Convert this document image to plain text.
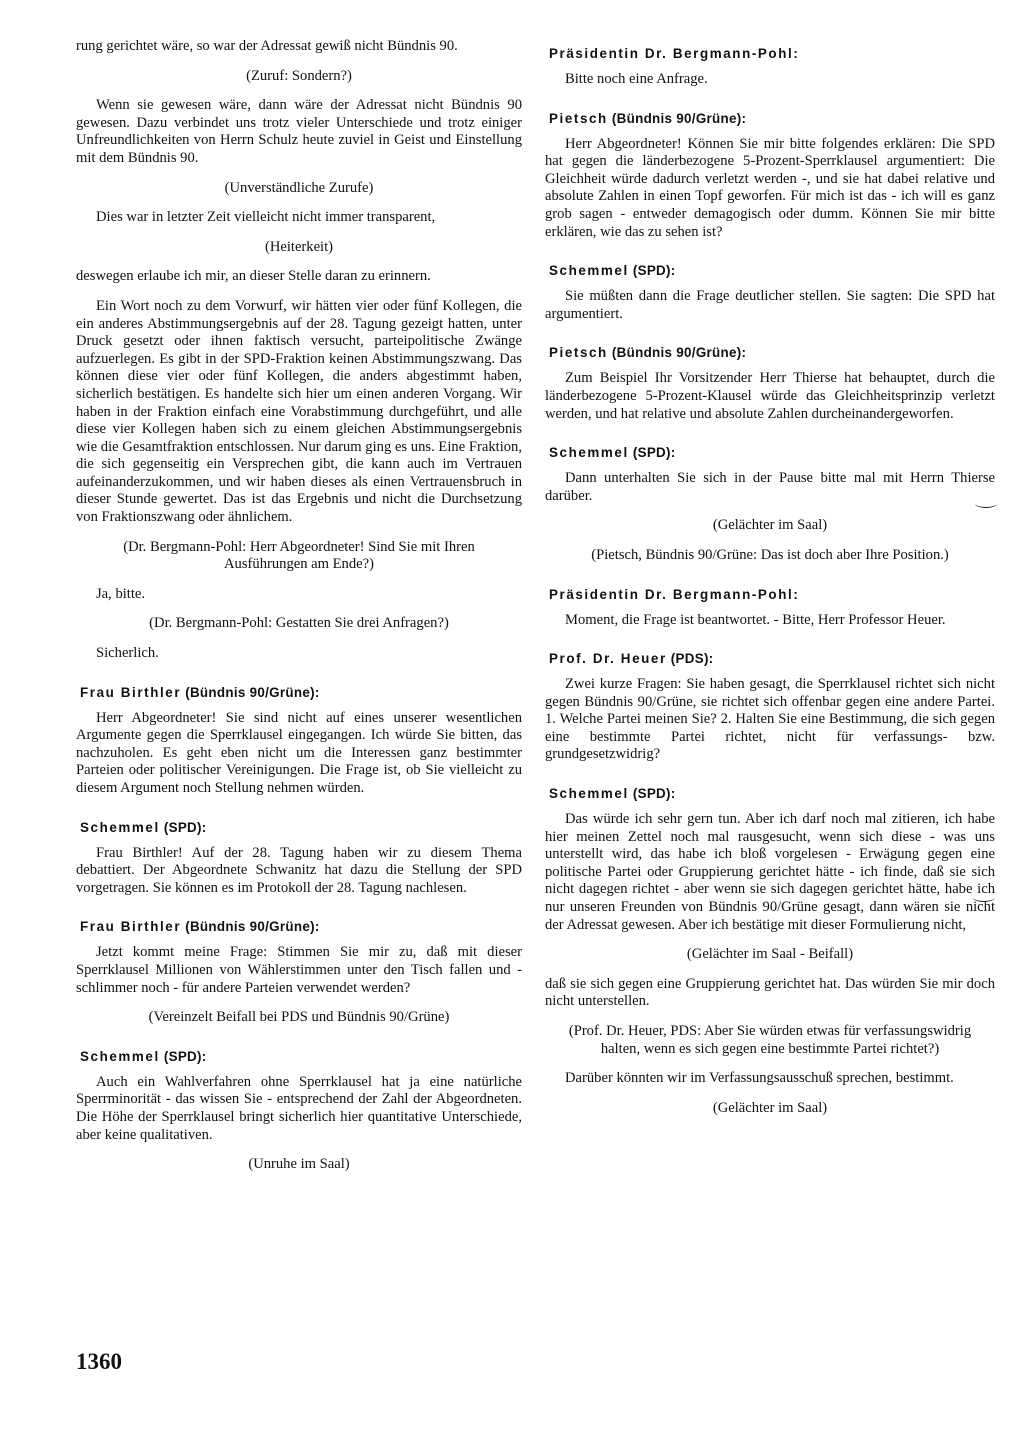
rung gerichtet wäre, so war der Adressat gewiß nicht Bündnis 90.

(Zuruf: Sondern?)

Wenn sie gewesen wäre, dann wäre der Adressat nicht Bündnis 90 gewesen. Dazu verbindet uns trotz vieler Unterschiede und trotz einiger Unfreundlichkeiten von Herrn Schulz heute zuviel in Geist und Einstellung mit dem Bündnis 90.

(Unverständliche Zurufe)

Dies war in letzter Zeit vielleicht nicht immer transparent,

(Heiterkeit)

deswegen erlaube ich mir, an dieser Stelle daran zu erinnern.

Ein Wort noch zu dem Vorwurf, wir hätten vier oder fünf Kollegen, die ein anderes Abstimmungsergebnis auf der 28. Tagung gezeigt hatten, unter Druck gesetzt oder ihnen faktisch versucht, parteipolitische Zwänge aufzuerlegen. Es gibt in der SPD-Fraktion keinen Abstimmungszwang. Das können diese vier oder fünf Kollegen, die anders abgestimmt haben, sicherlich bestätigen. Es handelte sich hier um einen anderen Vorgang. Wir haben in der Fraktion einfach eine Vorabstimmung durchgeführt, und alle diese vier Kollegen haben sich zu einem gleichen Abstimmungsergebnis wie die Gesamtfraktion entschlossen. Nur darum ging es uns. Eine Fraktion, die sich gegenseitig ein Versprechen gibt, die kann auch im Vertrauen aufeinanderzukommen, und wir haben dieses als einen Vertrauensbruch in dieser Stunde gewertet. Das ist das Ergebnis und nicht die Durchsetzung von Fraktionszwang oder ähnlichem.

(Dr. Bergmann-Pohl: Herr Abgeordneter! Sind Sie mit Ihren Ausführungen am Ende?)

Ja, bitte.

(Dr. Bergmann-Pohl: Gestatten Sie drei Anfragen?)

Sicherlich.

Frau Birthler (Bündnis 90/Grüne):

Herr Abgeordneter! Sie sind nicht auf eines unserer wesentlichen Argumente gegen die Sperrklausel eingegangen. Ich würde Sie bitten, das nachzuholen. Es geht eben nicht um die Interessen ganz bestimmter Parteien oder politischer Vereinigungen. Die Frage ist, ob Sie vielleicht zu diesem Argument noch Stellung nehmen würden.

Schemmel (SPD):

Frau Birthler! Auf der 28. Tagung haben wir zu diesem Thema debattiert. Der Abgeordnete Schwanitz hat dazu die Stellung der SPD vorgetragen. Sie können es im Protokoll der 28. Tagung nachlesen.

Frau Birthler (Bündnis 90/Grüne):

Jetzt kommt meine Frage: Stimmen Sie mir zu, daß mit dieser Sperrklausel Millionen von Wählerstimmen unter den Tisch fallen und - schlimmer noch - für andere Parteien verwendet werden?

(Vereinzelt Beifall bei PDS und Bündnis 90/Grüne)

Schemmel (SPD):

Auch ein Wahlverfahren ohne Sperrklausel hat ja eine natürliche Sperrminorität - das wissen Sie - entsprechend der Zahl der Abgeordneten. Die Höhe der Sperrklausel bringt sicherlich hier quantitative Unterschiede, aber keine qualitativen.

(Unruhe im Saal)

Präsidentin Dr. Bergmann-Pohl:

Bitte noch eine Anfrage.

Pietsch (Bündnis 90/Grüne):

Herr Abgeordneter! Können Sie mir bitte folgendes erklären: Die SPD hat gegen die länderbezogene 5-Prozent-Sperrklausel argumentiert: Die Gleichheit würde dadurch verletzt werden -, und sie hat dabei relative und absolute Zahlen in einen Topf geworfen. Für mich ist das - ich will es ganz grob sagen - entweder demagogisch oder dumm. Können Sie mir bitte erklären, wie das zu sehen ist?

Schemmel (SPD):

Sie müßten dann die Frage deutlicher stellen. Sie sagten: Die SPD hat argumentiert.

Pietsch (Bündnis 90/Grüne):

Zum Beispiel Ihr Vorsitzender Herr Thierse hat behauptet, durch die länderbezogene 5-Prozent-Klausel würde das Gleichheitsprinzip verletzt werden, und hat relative und absolute Zahlen durcheinandergeworfen.

Schemmel (SPD):

Dann unterhalten Sie sich in der Pause bitte mal mit Herrn Thierse darüber.

(Gelächter im Saal)

(Pietsch, Bündnis 90/Grüne: Das ist doch aber Ihre Position.)

Präsidentin Dr. Bergmann-Pohl:

Moment, die Frage ist beantwortet. - Bitte, Herr Professor Heuer.

Prof. Dr. Heuer (PDS):

Zwei kurze Fragen: Sie haben gesagt, die Sperrklausel richtet sich nicht gegen Bündnis 90/Grüne, sie richtet sich offenbar gegen eine andere Partei. 1. Welche Partei meinen Sie? 2. Halten Sie eine Bestimmung, die sich gegen eine bestimmte Partei richtet, nicht für verfassungs- bzw. grundgesetzwidrig?

Schemmel (SPD):

Das würde ich sehr gern tun. Aber ich darf noch mal zitieren, ich habe hier meinen Zettel noch mal rausgesucht, wenn sich diese - was uns unterstellt wird, das habe ich bloß vorgelesen - Erwägung gegen eine politische Partei oder Gruppierung gerichtet hätte - ich finde, daß sie sich nicht dagegen richtet - aber wenn sie sich dagegen gerichtet hätte, habe ich nur unseren Freunden von Bündnis 90/Grüne gesagt, dann wären sie nicht der Adressat gewesen. Aber ich bestätige mit dieser Formulierung nicht,

(Gelächter im Saal - Beifall)

daß sie sich gegen eine Gruppierung gerichtet hat. Das würden Sie mir doch nicht unterstellen.

(Prof. Dr. Heuer, PDS: Aber Sie würden etwas für verfassungswidrig halten, wenn es sich gegen eine bestimmte Partei richtet?)

Darüber könnten wir im Verfassungsausschuß sprechen, bestimmt.

(Gelächter im Saal)

1360
